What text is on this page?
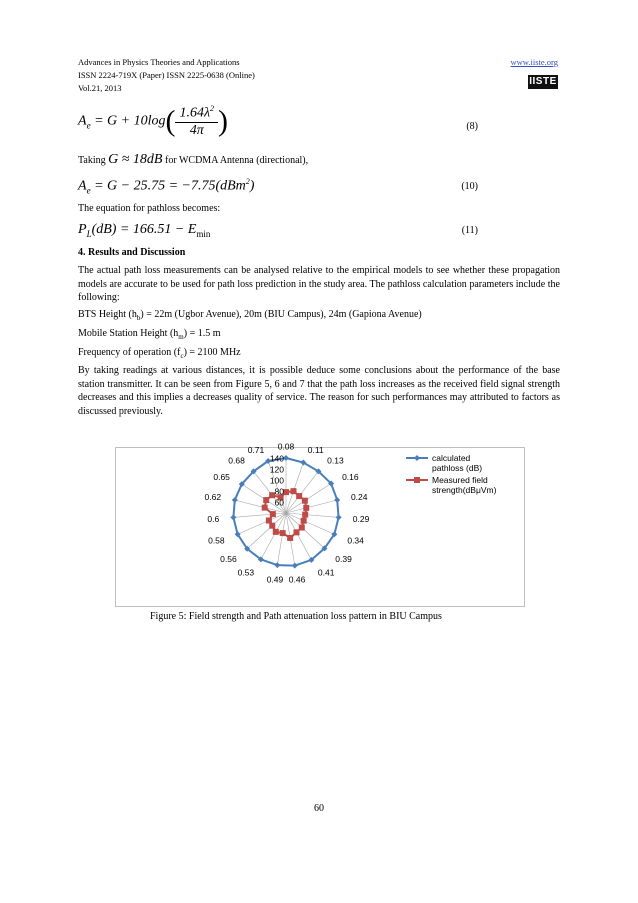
Advances in Physics Theories and Applications
ISSN 2224-719X (Paper) ISSN 2225-0638 (Online)
Vol.21, 2013
www.iiste.org
IISTE
$A_e = G + 10\log( \frac{1.64\lambda^2}{4\pi}$ )	(8)
Taking G ≈ 18dB for WCDMA Antenna (directional),
$A_e = G - 25.75 = -7.75(dBm^2)$	(10)
The equation for pathloss becomes:
$P_L(dB) = 166.51 - E_{min}$	(11)
4. Results and Discussion
The actual path loss measurements can be analysed relative to the empirical models to see whether these propagation models are accurate to be used for path loss prediction in the study area. The pathloss calculation parameters include the following:
BTS Height $(h_b) = 22m$ (Ugbor Avenue), 20m (BIU Campus), 24m (Gapiona Avenue)
Mobile Station Height $(h_m) = 1.5$ m
Frequency of operation $(f_c) = 2100$ MHz
By taking readings at various distances, it is possible deduce some conclusions about the performance of the base station transmitter. It can be seen from Figure 5, 6 and 7 that the path loss increases as the received field signal strength decreases and this implies a decreases quality of service. The reason for such performances may attributed to factors as discussed previously.
0.08 0.11
0.13
0.16
0.24
0.29
0.34
0.39
0.41
0.46
0.49
0.53
0.56
0.58
0.6
0.62
0.65
0.68
0.71
60
80
100
120
140	calculated
pathloss (dB)
Measured field
strength(dBμVm)
Figure 5: Field strength and Path attenuation loss pattern in BIU Campus
60
